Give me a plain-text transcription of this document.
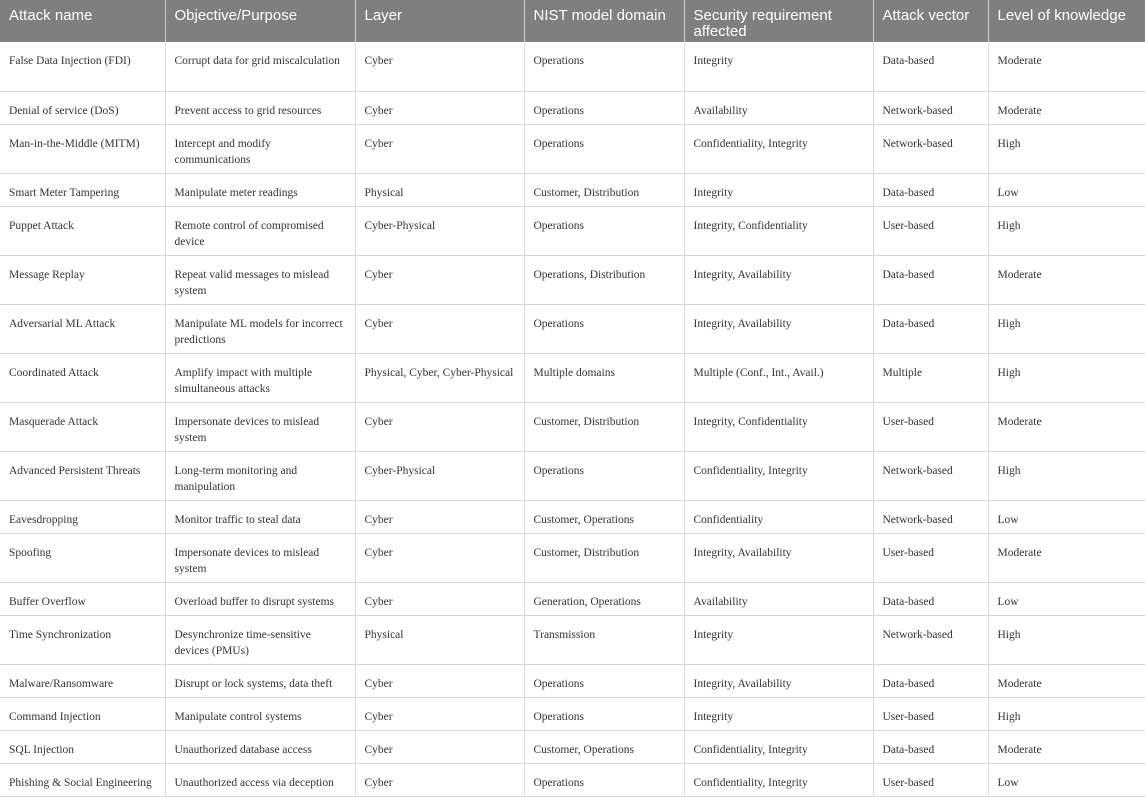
Attack name	Objective/Purpose	Layer	NIST model domain	Security requirement affected	Attack vector	Level of knowledge
False Data Injection (FDI)	Corrupt data for grid miscalculation	Cyber	Operations	Integrity	Data-based	Moderate
Denial of service (DoS)	Prevent access to grid resources	Cyber	Operations	Availability	Network-based	Moderate
Man-in-the-Middle (MITM)	Intercept and modify communications	Cyber	Operations	Confidentiality, Integrity	Network-based	High
Smart Meter Tampering	Manipulate meter readings	Physical	Customer, Distribution	Integrity	Data-based	Low
Puppet Attack	Remote control of compromised device	Cyber-Physical	Operations	Integrity, Confidentiality	User-based	High
Message Replay	Repeat valid messages to mislead system	Cyber	Operations, Distribution	Integrity, Availability	Data-based	Moderate
Adversarial ML Attack	Manipulate ML models for incorrect predictions	Cyber	Operations	Integrity, Availability	Data-based	High
Coordinated Attack	Amplify impact with multiple simultaneous attacks	Physical, Cyber, Cyber-Physical	Multiple domains	Multiple (Conf., Int., Avail.)	Multiple	High
Masquerade Attack	Impersonate devices to mislead system	Cyber	Customer, Distribution	Integrity, Confidentiality	User-based	Moderate
Advanced Persistent Threats	Long-term monitoring and manipulation	Cyber-Physical	Operations	Confidentiality, Integrity	Network-based	High
Eavesdropping	Monitor traffic to steal data	Cyber	Customer, Operations	Confidentiality	Network-based	Low
Spoofing	Impersonate devices to mislead system	Cyber	Customer, Distribution	Integrity, Availability	User-based	Moderate
Buffer Overflow	Overload buffer to disrupt systems	Cyber	Generation, Operations	Availability	Data-based	Low
Time Synchronization	Desynchronize time-sensitive devices (PMUs)	Physical	Transmission	Integrity	Network-based	High
Malware/Ransomware	Disrupt or lock systems, data theft	Cyber	Operations	Integrity, Availability	Data-based	Moderate
Command Injection	Manipulate control systems	Cyber	Operations	Integrity	User-based	High
SQL Injection	Unauthorized database access	Cyber	Customer, Operations	Confidentiality, Integrity	Data-based	Moderate
Phishing & Social Engineering	Unauthorized access via deception	Cyber	Operations	Confidentiality, Integrity	User-based	Low
